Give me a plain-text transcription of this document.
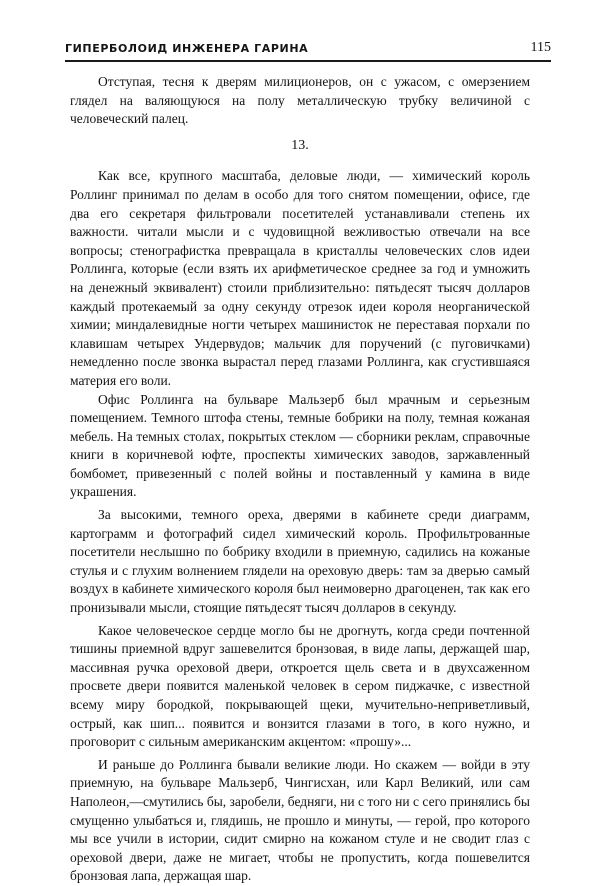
ГИПЕРБОЛОИД ИНЖЕНЕРА ГАРИНА	115

Отступая, тесня к дверям милиционеров, он с ужасом, с омерзением глядел на валяющуюся на полу металлическую трубку величиной с человеческий палец.

13.

Как все, крупного масштаба, деловые люди, — химический король Роллинг принимал по делам в особо для того снятом помещении, офисе, где два его секретаря фильтровали посетителей устанавливали степень их важности. читали мысли и с чудовищной вежливостью отвечали на все вопросы; стенографистка превращала в кристаллы человеческих слов идеи Роллинга, которые (если взять их арифметическое среднее за год и умножить на денежный эквивалент) стоили приблизительно: пятьдесят тысяч долларов каждый протекаемый за одну секунду отрезок идеи короля неорганической химии; миндалевидные ногти четырех машинисток не переставая порхали по клавишам четырех Ундервудов; мальчик для поручений (с пуговичками) немедленно после звонка вырастал перед глазами Роллинга, как сгустившаяся материя его воли.

Офис Роллинга на бульваре Мальзерб был мрачным и серьезным помещением. Темного штофа стены, темные бобрики на полу, темная кожаная мебель. На темных столах, покрытых стеклом — сборники реклам, справочные книги в коричневой юфте, проспекты химических заводов, заржавленный бомбомет, привезенный с полей войны и поставленный у камина в виде украшения.

За высокими, темного ореха, дверями в кабинете среди диаграмм, картограмм и фотографий сидел химический король. Профильтрованные посетители неслышно по бобрику входили в приемную, садились на кожаные стулья и с глухим волнением глядели на ореховую дверь: там за дверью самый воздух в кабинете химического короля был неимоверно драгоценен, так как его пронизывали мысли, стоящие пятьдесят тысяч долларов в секунду.

Какое человеческое сердце могло бы не дрогнуть, когда среди почтенной тишины приемной вдруг зашевелится бронзовая, в виде лапы, держащей шар, массивная ручка ореховой двери, откроется щель света и в двухсаженном просвете двери появится маленькой человек в сером пиджачке, с известной всему миру бородкой, покрывающей щеки, мучительно-неприветливый, острый, как шип... появится и вонзится глазами в того, в кого нужно, и проговорит с сильным американским акцентом: «прошу»...

И раньше до Роллинга бывали великие люди. Но скажем — войди в эту приемную, на бульваре Мальзерб, Чингисхан, или Карл Великий, или сам Наполеон,—смутились бы, заробели, бедняги, ни с того ни с сего принялись бы смущенно улыбаться и, глядишь, не прошло и минуты, — герой, про которого мы все учили в истории, сидит смирно на кожаном стуле и не сводит глаз с ореховой двери, даже не мигает, чтобы не пропустить, когда пошевелится бронзовая лапа, держащая шар.
